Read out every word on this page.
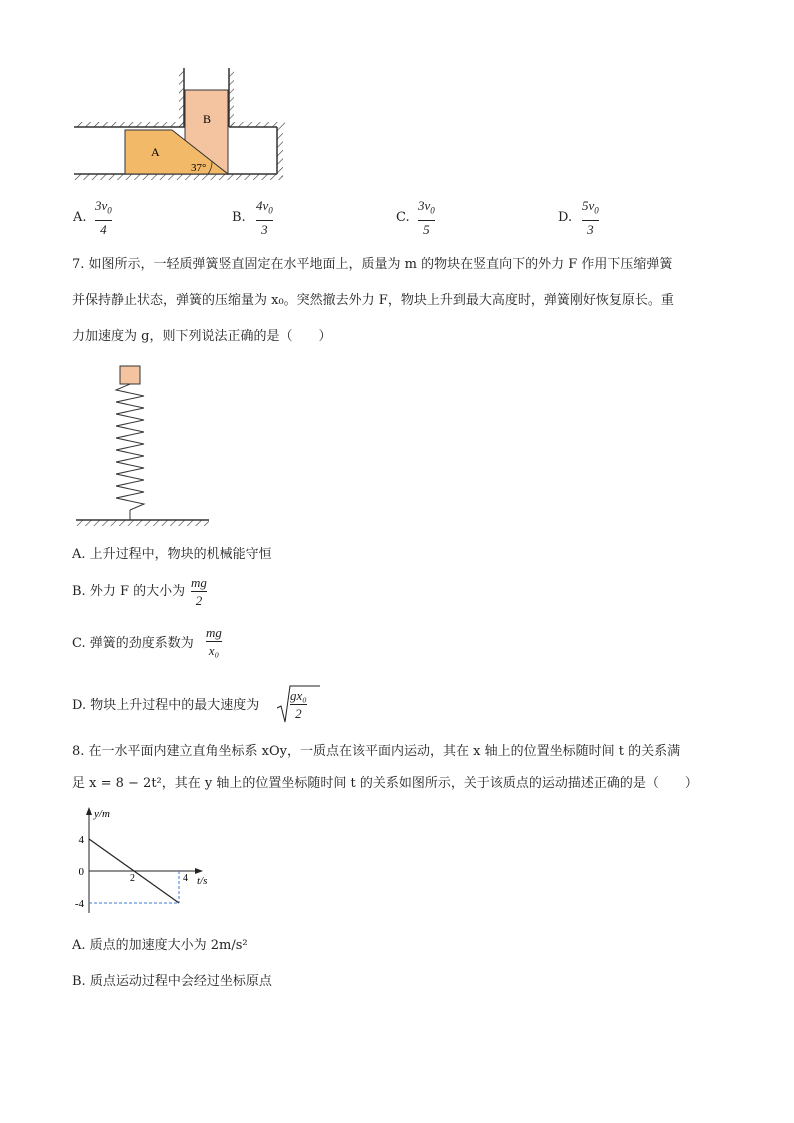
B
A
37°
A.
$3v_0$
4
B.
$4v_0$
3
C.
$3v_0$
5
D.
$5v_0$
3
7. 如图所示，一轻质弹簧竖直固定在水平地面上，质量为 m 的物块在竖直向下的外力 F 作用下压缩弹簧
并保持静止状态，弹簧的压缩量为 x₀。突然撤去外力 F，物块上升到最大高度时，弹簧刚好恢复原长。重
力加速度为 g，则下列说法正确的是（　　）
A. 上升过程中，物块的机械能守恒
B. 外力 F 的大小为
mg
2
C. 弹簧的劲度系数为
mg
x₀
D. 物块上升过程中的最大速度为
gx₀
2
8. 在一水平面内建立直角坐标系 xOy，一质点在该平面内运动，其在 x 轴上的位置坐标随时间 t 的关系满
足 x = 8 − 2t²，其在 y 轴上的位置坐标随时间 t 的关系如图所示，关于该质点的运动描述正确的是（　　）
y/m
t/s
4
0
-4
2	4
A. 质点的加速度大小为 2m/s²
B. 质点运动过程中会经过坐标原点
